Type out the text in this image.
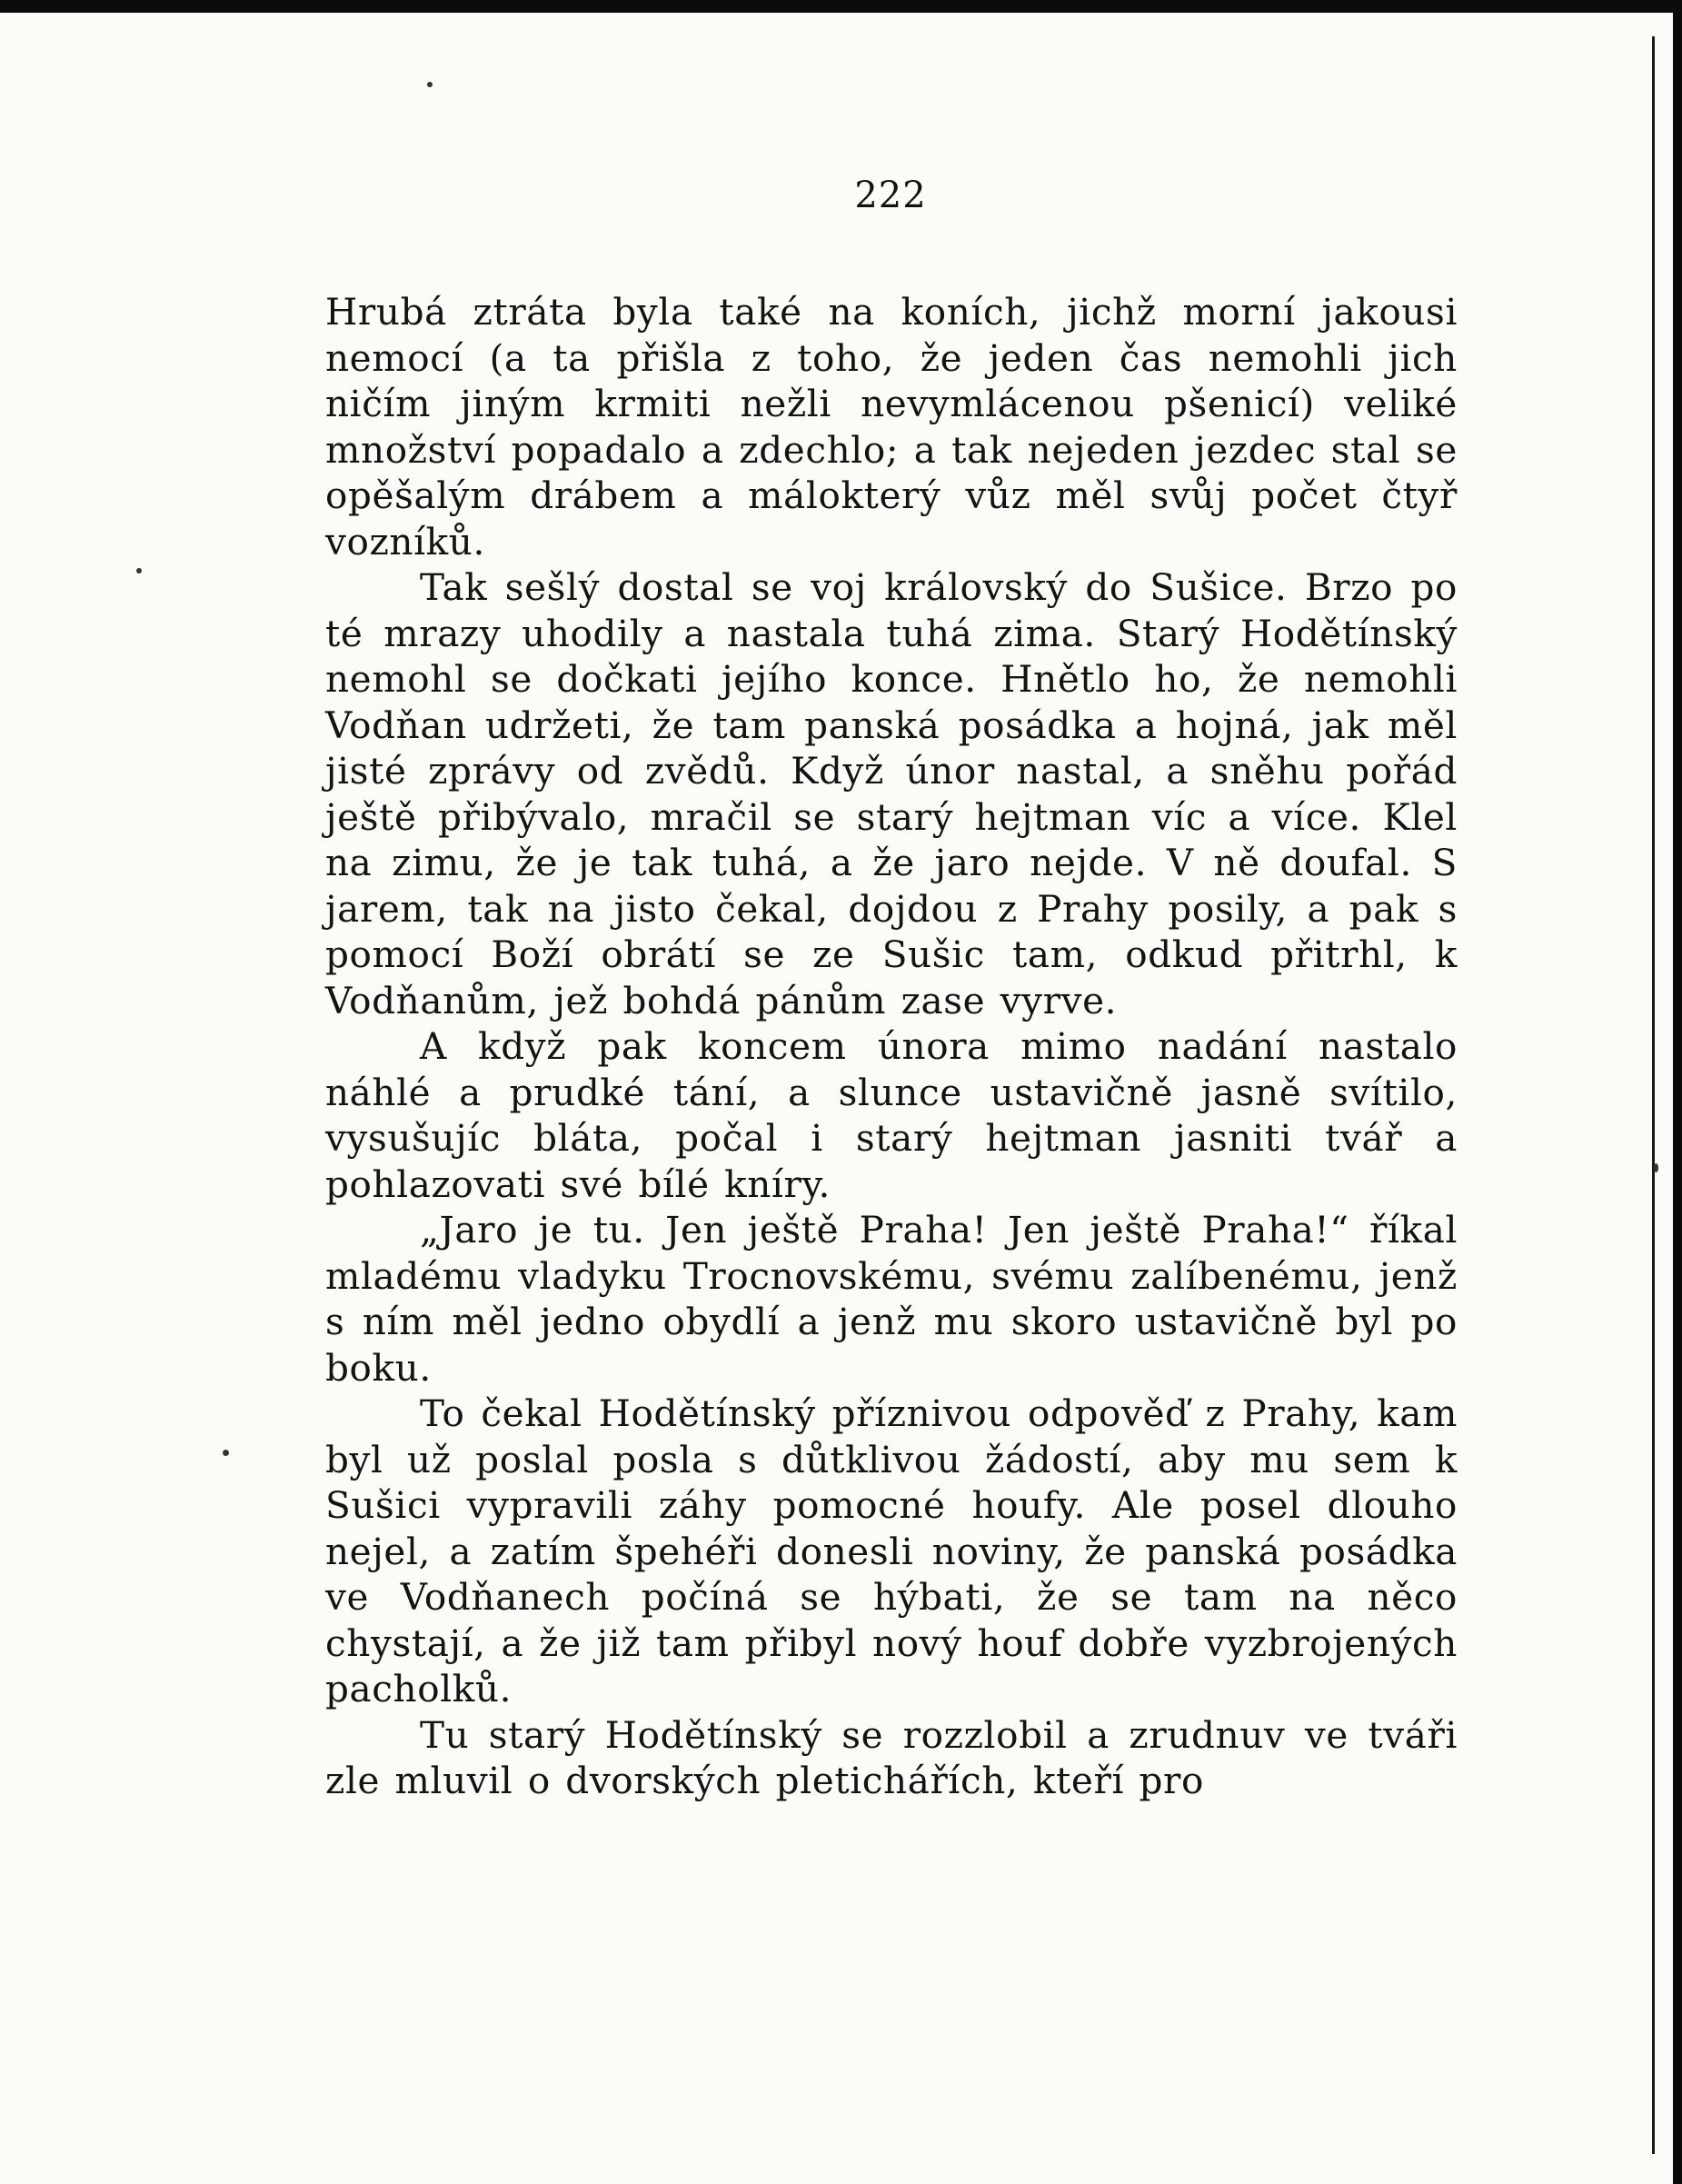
222

Hrubá ztráta byla také na koních, jichž morní jakousi nemocí (a ta přišla z toho, že jeden čas nemohli jich ničím jiným krmiti nežli nevymlácenou pšenicí) veliké množství popadalo a zdechlo; a tak nejeden jezdec stal se opěšalým drábem a málokterý vůz měl svůj počet čtyř vozníků.

Tak sešlý dostal se voj královský do Sušice. Brzo po té mrazy uhodily a nastala tuhá zima. Starý Hodětínský nemohl se dočkati jejího konce. Hnětlo ho, že nemohli Vodňan udržeti, že tam panská posádka a hojná, jak měl jisté zprávy od zvědů. Když únor nastal, a sněhu pořád ještě přibývalo, mračil se starý hejtman víc a více. Klel na zimu, že je tak tuhá, a že jaro nejde. V ně doufal. S jarem, tak na jisto čekal, dojdou z Prahy posily, a pak s pomocí Boží obrátí se ze Sušic tam, odkud přitrhl, k Vodňanům, jež bohdá pánům zase vyrve.

A když pak koncem února mimo nadání nastalo náhlé a prudké tání, a slunce ustavičně jasně svítilo, vysušujíc bláta, počal i starý hejtman jasniti tvář a pohlazovati své bílé kníry.

„Jaro je tu. Jen ještě Praha! Jen ještě Praha!“ říkal mladému vladyku Trocnovskému, svému zalíbenému, jenž s ním měl jedno obydlí a jenž mu skoro ustavičně byl po boku.

To čekal Hodětínský příznivou odpověď z Prahy, kam byl už poslal posla s důtklivou žádostí, aby mu sem k Sušici vypravili záhy pomocné houfy. Ale posel dlouho nejel, a zatím špehéři donesli noviny, že panská posádka ve Vodňanech počíná se hýbati, že se tam na něco chystají, a že již tam přibyl nový houf dobře vyzbrojených pacholků.

Tu starý Hodětínský se rozzlobil a zrudnuv ve tváři zle mluvil o dvorských pletichářích, kteří pro
